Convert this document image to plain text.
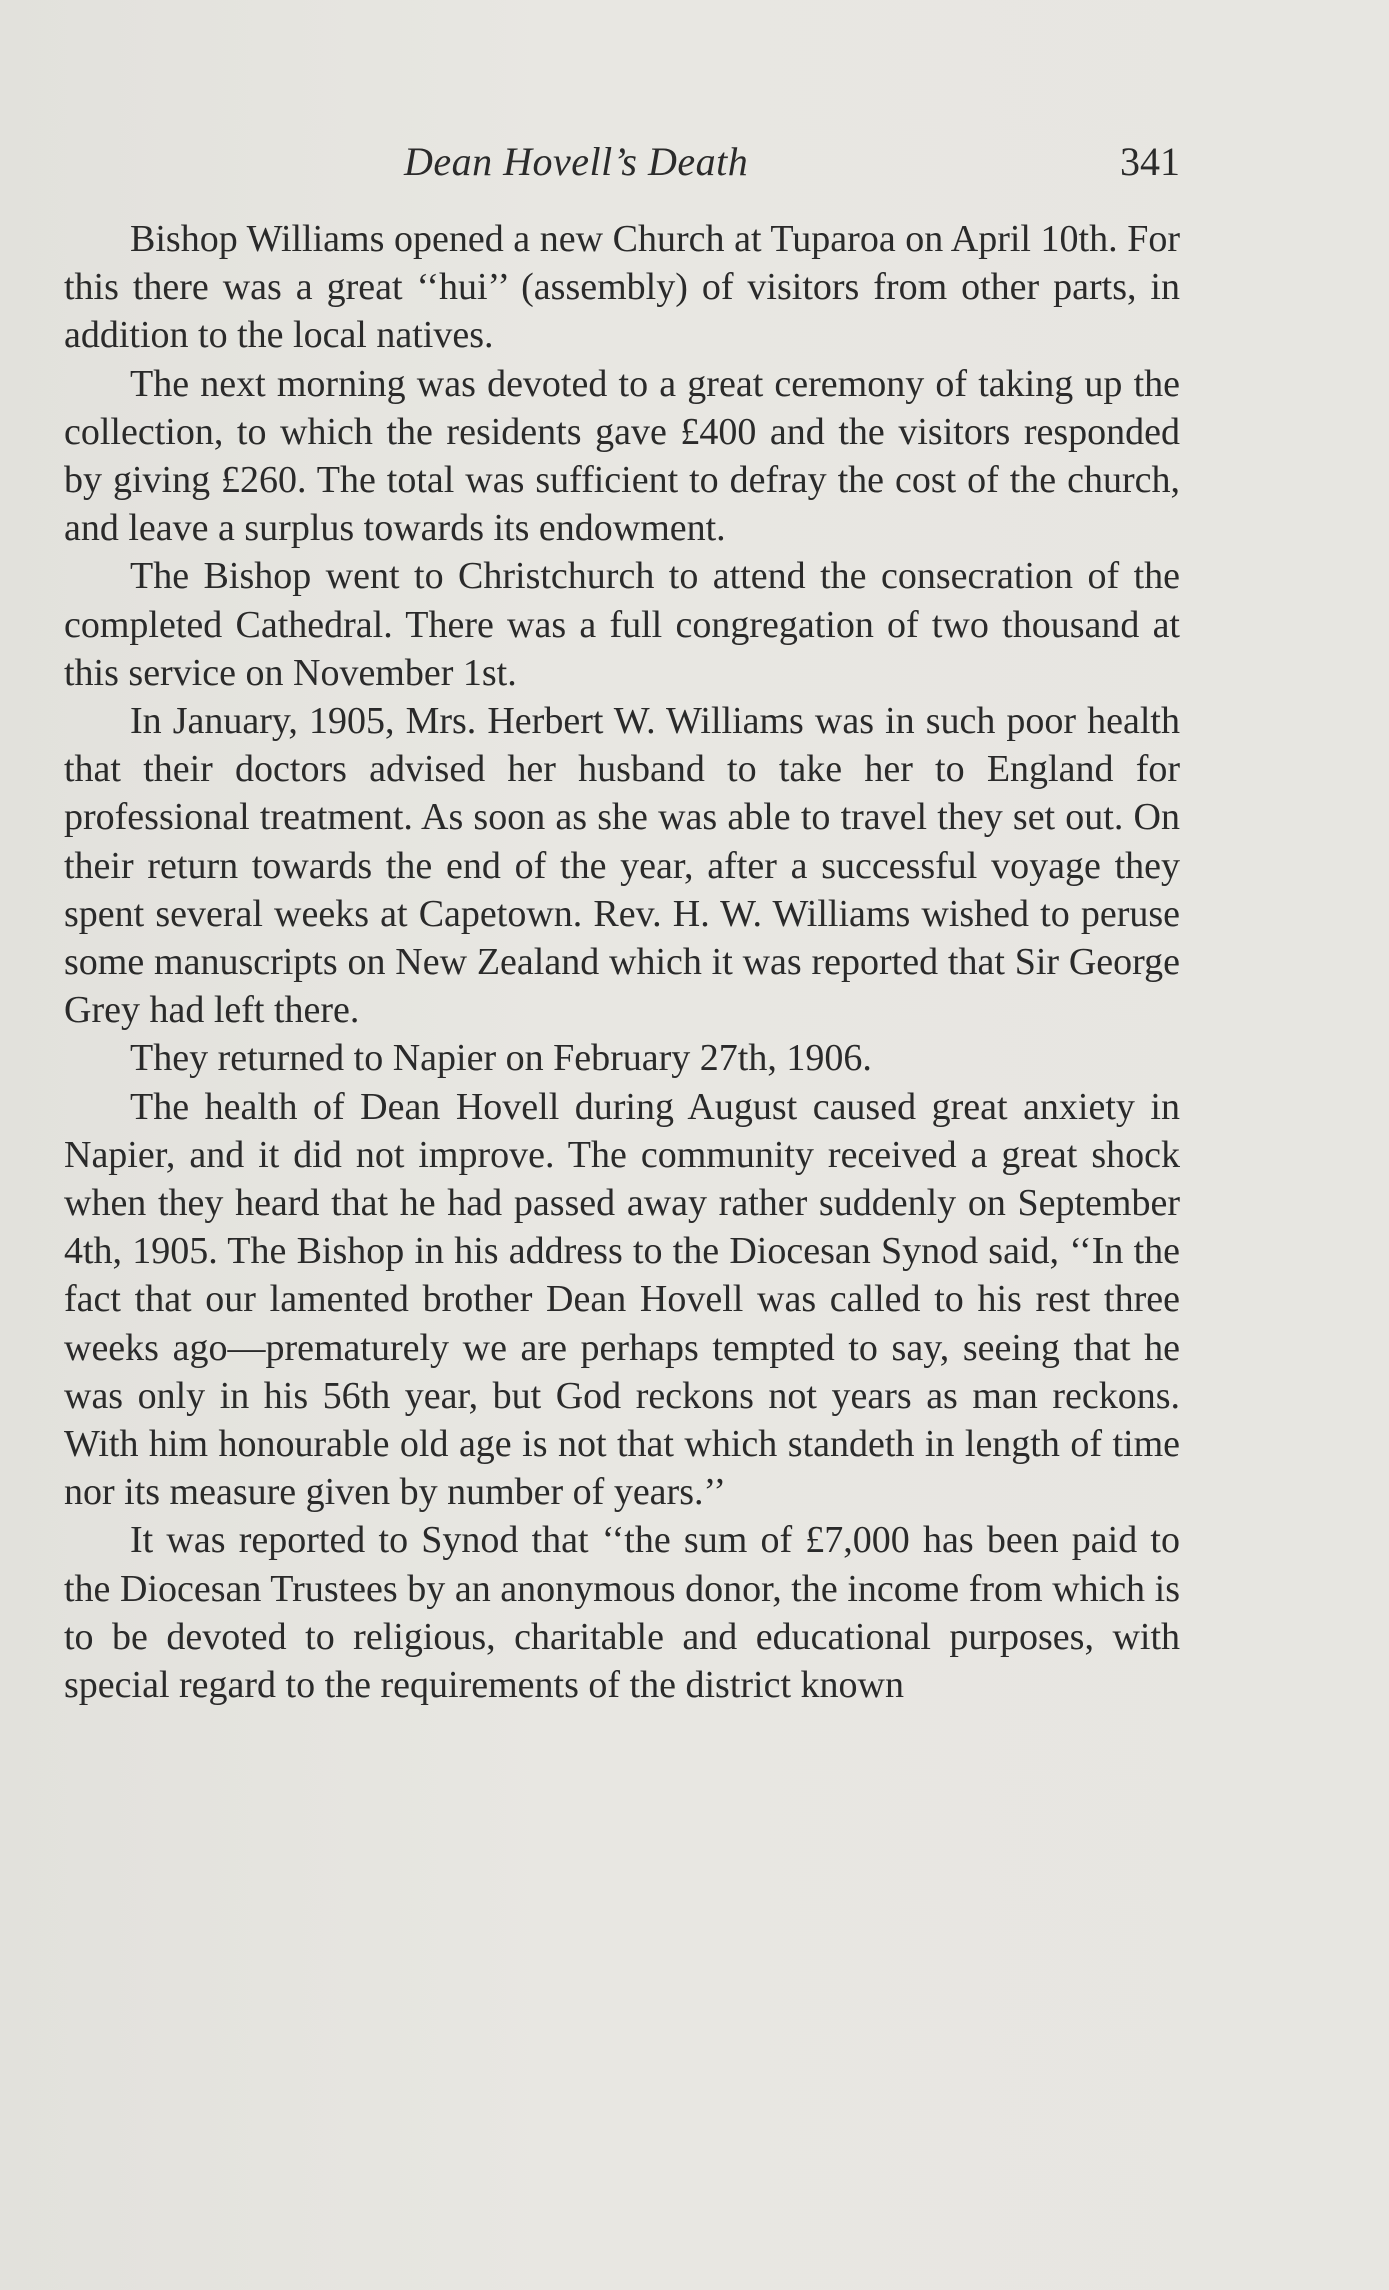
Dean Hovell’s Death	341

Bishop Williams opened a new Church at Tuparoa on April 10th. For this there was a great ‘‘hui’’ (assembly) of visitors from other parts, in addition to the local natives.

The next morning was devoted to a great ceremony of taking up the collection, to which the residents gave £400 and the visitors responded by giving £260. The total was sufficient to defray the cost of the church, and leave a surplus towards its endowment.

The Bishop went to Christchurch to attend the consecration of the completed Cathedral. There was a full congregation of two thousand at this service on November 1st.

In January, 1905, Mrs. Herbert W. Williams was in such poor health that their doctors advised her husband to take her to England for professional treatment. As soon as she was able to travel they set out. On their return towards the end of the year, after a successful voyage they spent several weeks at Capetown. Rev. H. W. Williams wished to peruse some manuscripts on New Zealand which it was reported that Sir George Grey had left there.

They returned to Napier on February 27th, 1906.

The health of Dean Hovell during August caused great anxiety in Napier, and it did not improve. The community received a great shock when they heard that he had passed away rather suddenly on September 4th, 1905. The Bishop in his address to the Diocesan Synod said, ‘‘In the fact that our lamented brother Dean Hovell was called to his rest three weeks ago—prematurely we are perhaps tempted to say, seeing that he was only in his 56th year, but God reckons not years as man reckons. With him honourable old age is not that which standeth in length of time nor its measure given by number of years.’’

It was reported to Synod that ‘‘the sum of £7,000 has been paid to the Diocesan Trustees by an anonymous donor, the income from which is to be devoted to religious, charitable and educational purposes, with special regard to the requirements of the district known
